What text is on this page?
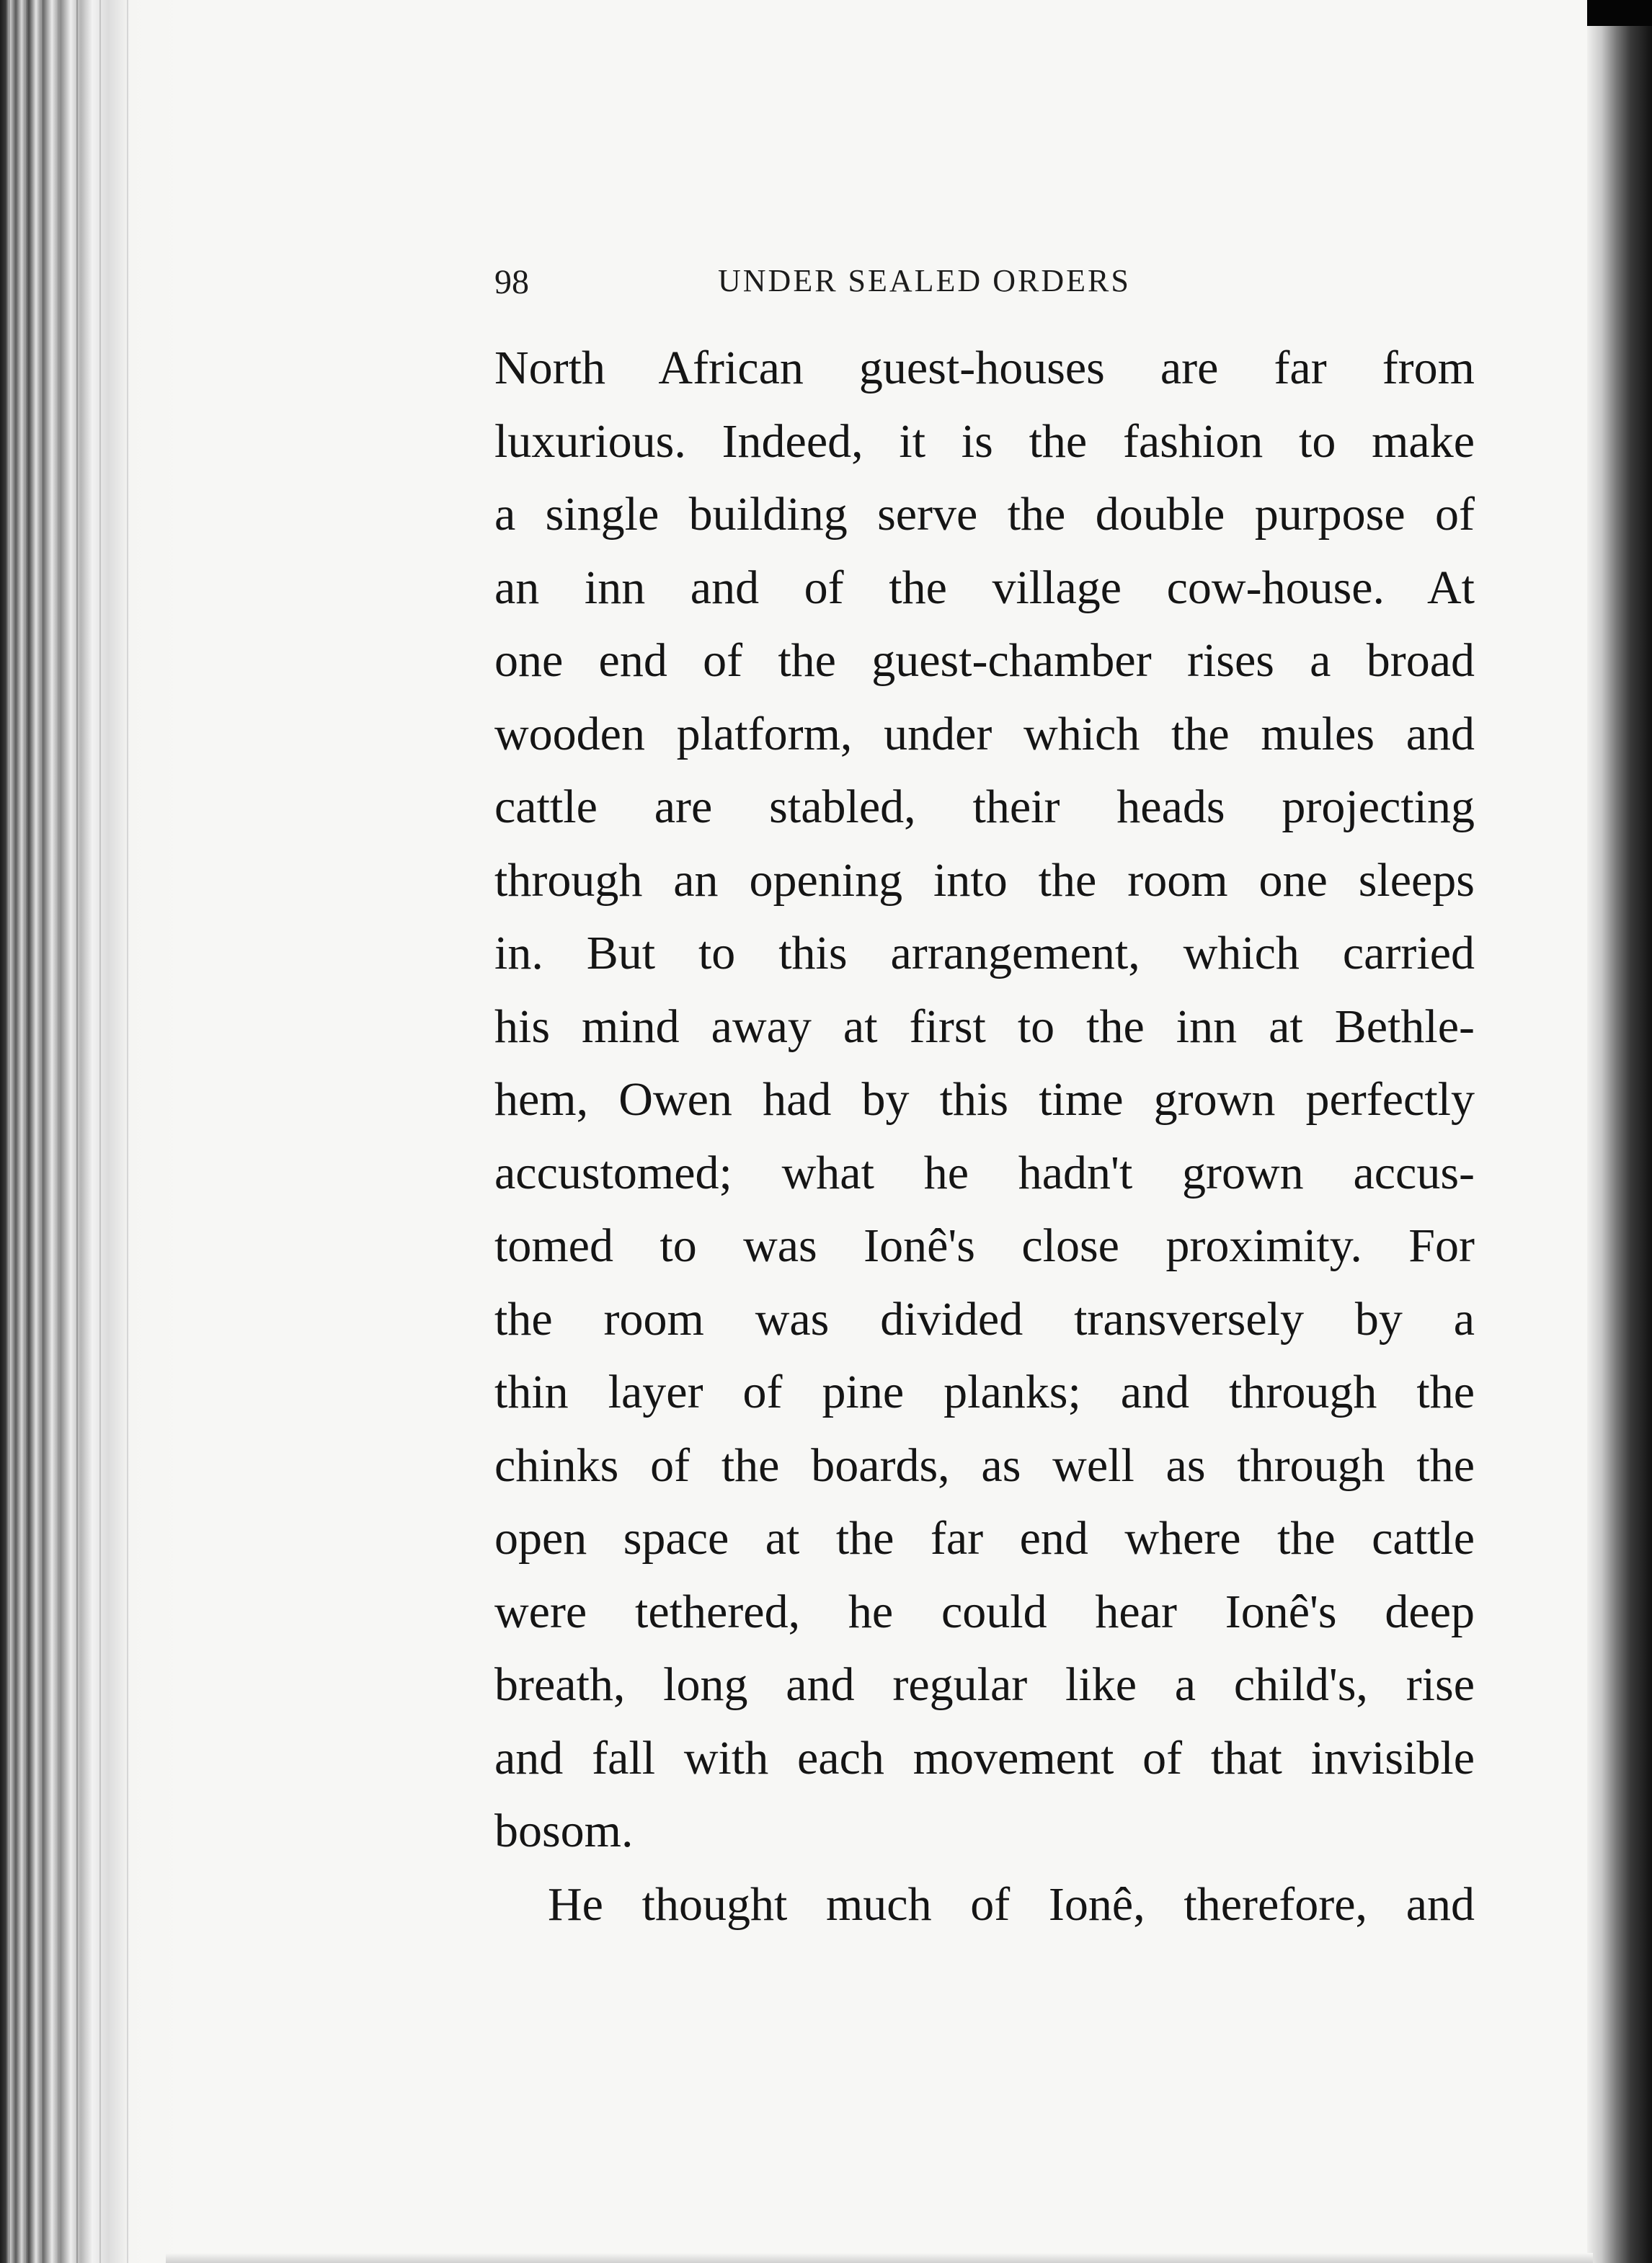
98	UNDER SEALED ORDERS
North African guest-houses are far from
luxurious. Indeed, it is the fashion to make
a single building serve the double purpose of
an inn and of the village cow-house. At
one end of the guest-chamber rises a broad
wooden platform, under which the mules and
cattle are stabled, their heads projecting
through an opening into the room one sleeps
in. But to this arrangement, which carried
his mind away at first to the inn at Bethle-
hem, Owen had by this time grown perfectly
accustomed; what he hadn't grown accus-
tomed to was Ionê's close proximity. For
the room was divided transversely by a
thin layer of pine planks; and through the
chinks of the boards, as well as through the
open space at the far end where the cattle
were tethered, he could hear Ionê's deep
breath, long and regular like a child's, rise
and fall with each movement of that invisible
bosom.
He thought much of Ionê, therefore, and
